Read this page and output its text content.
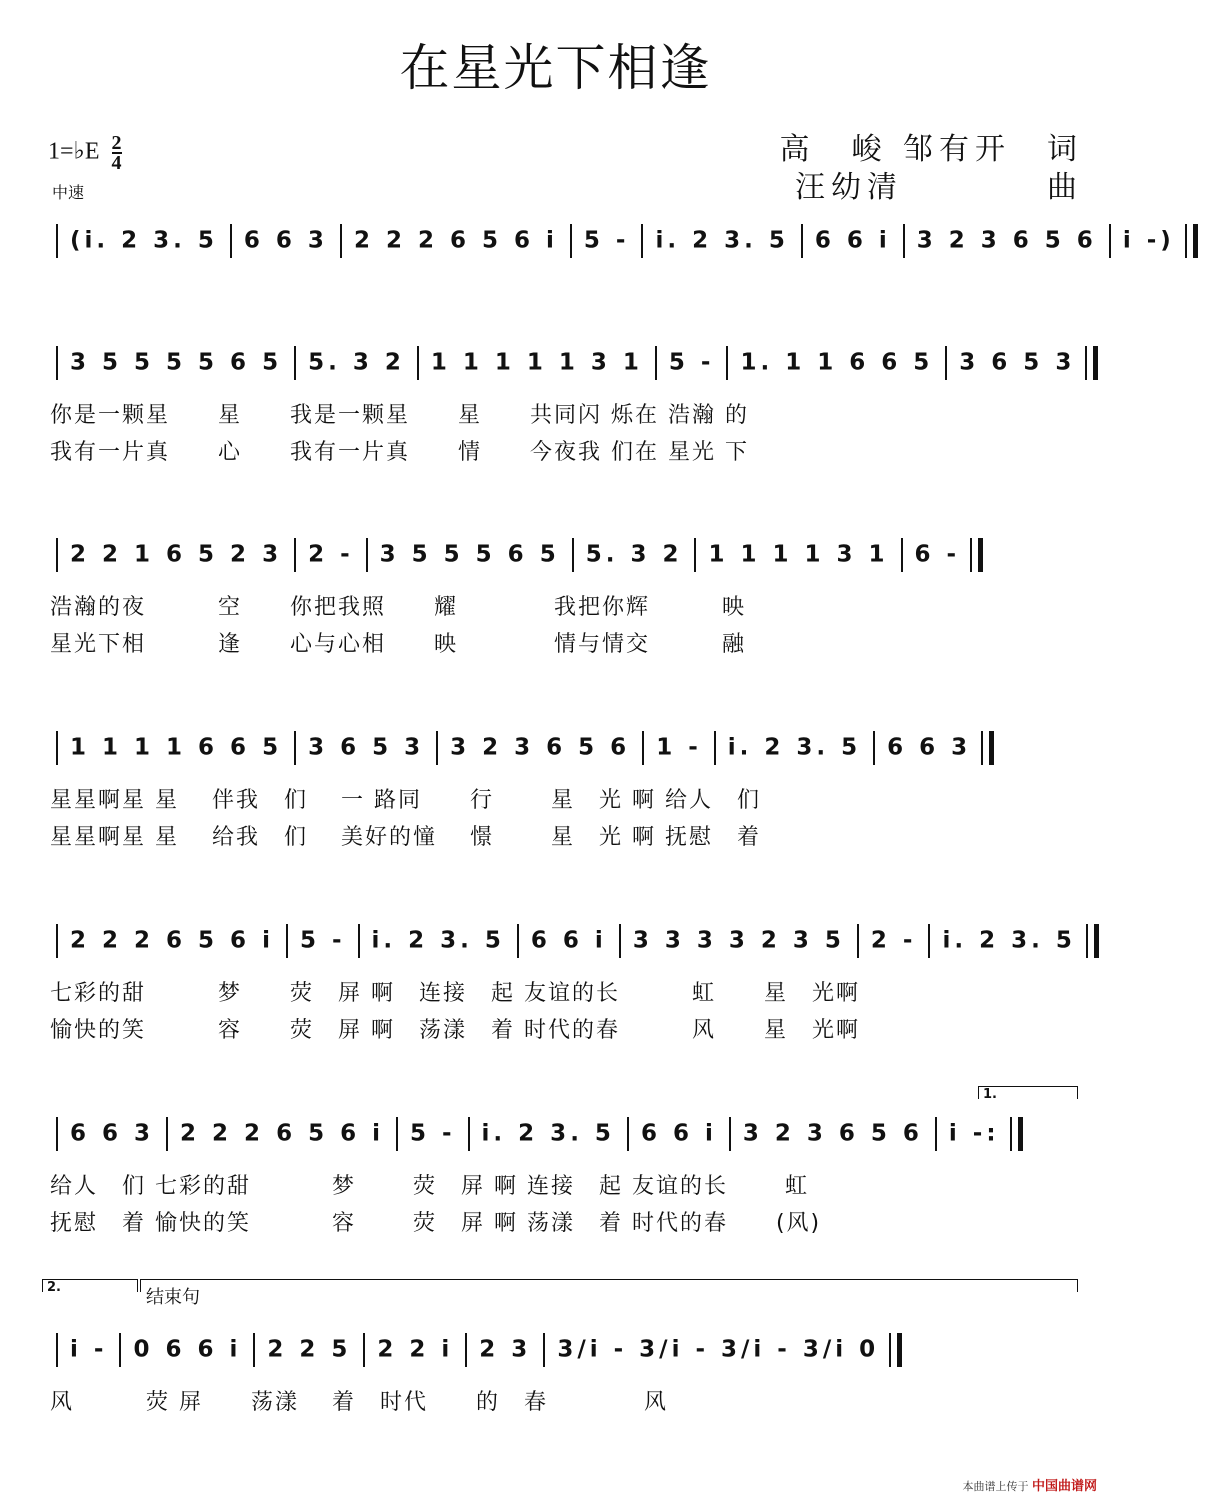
在星光下相逢
1=♭E $\frac{2}{4}$
中速
高　峻 邹有开　词
汪幼清　　　　曲
(i. 2 3. 5 6 6 3 2 2 2 6 5 6 i 5 - i. 2 3. 5 6 6 i 3 2 3 6 5 6 i -)
3 5 5 5 5 6 5 5. 3 2 1 1 1 1 1 3 1 5 - 1. 1 1 6 6 5 3 6 5 3
你是一颗星　　星　　我是一颗星　　星　　共同闪 烁在 浩瀚 的
我有一片真　　心　　我有一片真　　情　　今夜我 们在 星光 下
2 2 1 6 5 2 3 2 - 3 5 5 5 6 5 5. 3 2 1 1 1 1 3 1 6 -
浩瀚的夜　　　空　　你把我照　　耀　　　　我把你辉　　　映
星光下相　　　逢　　心与心相　　映　　　　情与情交　　　融
1 1 1 1 6 6 5 3 6 5 3 3 2 3 6 5 6 1 - i. 2 3. 5 6 6 3
星星啊星 星　 伴我　们　 一 路同　　行　　 星　光 啊 给人　们
星星啊星 星　 给我　们　 美好的憧　 憬　　 星　光 啊 抚慰　着
2 2 2 6 5 6 i 5 - i. 2 3. 5 6 6 i 3 3 3 3 2 3 5 2 - i. 2 3. 5
七彩的甜　　　梦　　荧　屏 啊　连接　起 友谊的长　　　虹　　星　光啊
愉快的笑　　　容　　荧　屏 啊　荡漾　着 时代的春　　　风　　星　光啊
6 6 3 2 2 2 6 5 6 i 5 - i. 2 3. 5 6 6 i 3 2 3 6 5 6 i -:
给人　们 七彩的甜　　　 梦　　 荧　屏 啊 连接　起 友谊的长　　 虹
抚慰　着 愉快的笑　　　 容　　 荧　屏 啊 荡漾　着 时代的春　　(风)
i - 0 6 6 i 2 2 5 2 2 i 2 3 3/i - 3/i - 3/i - 3/i 0
风　　　荧 屏　　荡漾　 着　时代　　的　春　　　　风
1.
2.	结束句
本曲谱上传于 中国曲谱网
